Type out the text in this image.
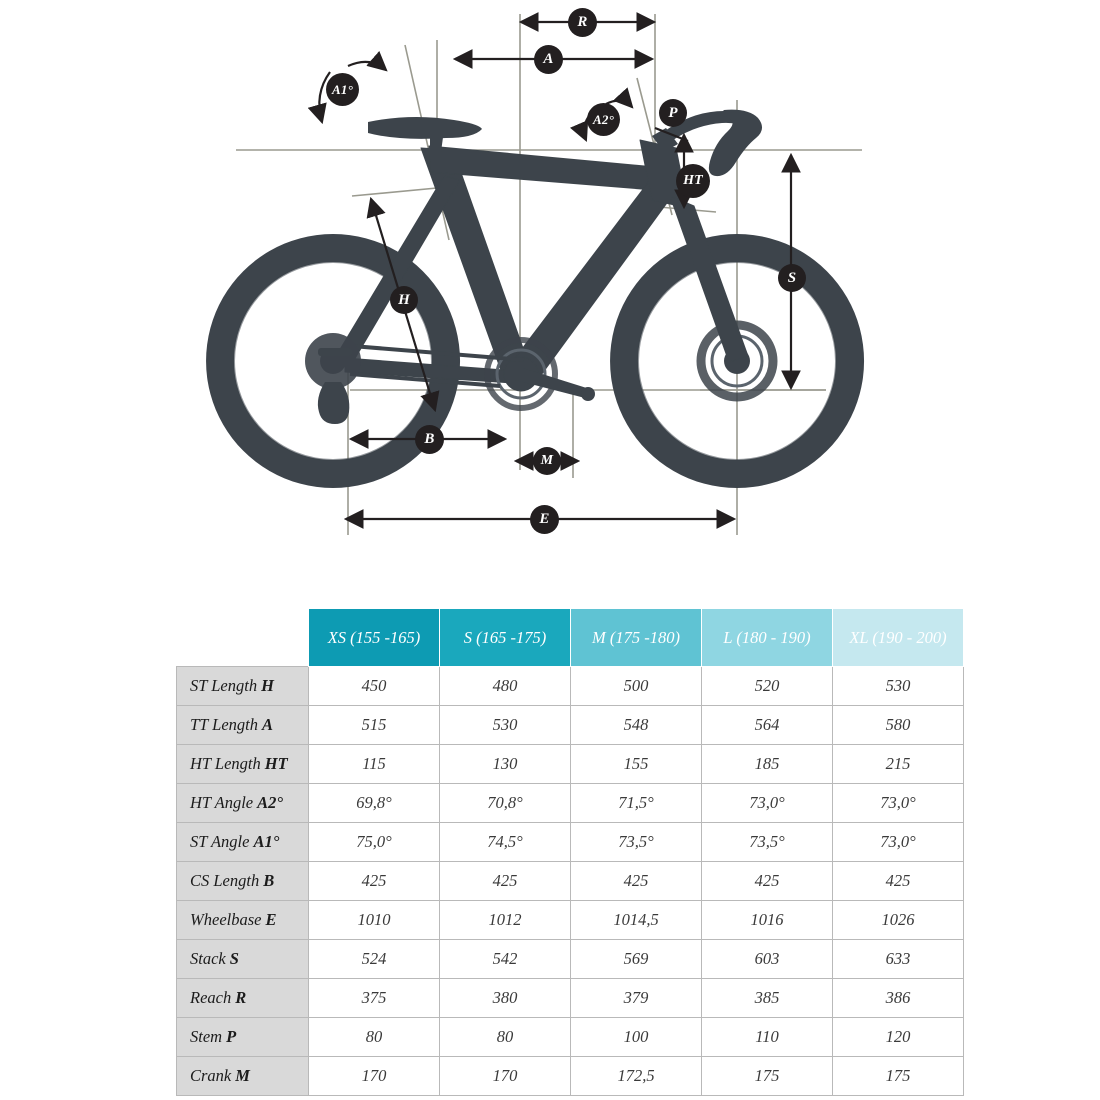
R
A
A1°
A2°	P
HT
S
H
B
M
E
	XS (155 -165)	S (165 -175)	M (175 -180)	L (180 - 190)	XL (190 - 200)
ST Length H	450	480	500	520	530
TT Length A	515	530	548	564	580
HT Length HT	115	130	155	185	215
HT Angle A2°	69,8°	70,8°	71,5°	73,0°	73,0°
ST Angle A1°	75,0°	74,5°	73,5°	73,5°	73,0°
CS Length B	425	425	425	425	425
Wheelbase E	1010	1012	1014,5	1016	1026
Stack S	524	542	569	603	633
Reach R	375	380	379	385	386
Stem P	80	80	100	110	120
Crank M	170	170	172,5	175	175
